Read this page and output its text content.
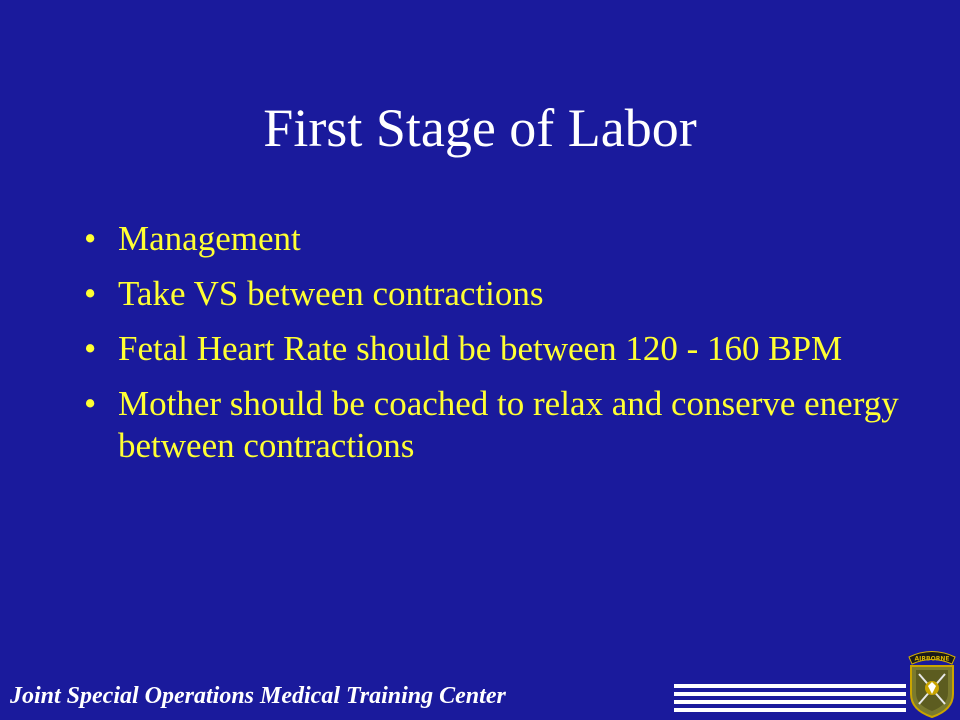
First Stage of Labor
• Management
• Take VS between contractions
• Fetal Heart Rate should be between 120 - 160 BPM
• Mother should be coached to relax and conserve energy between contractions
Joint Special Operations Medical Training Center
AIRBORNE
